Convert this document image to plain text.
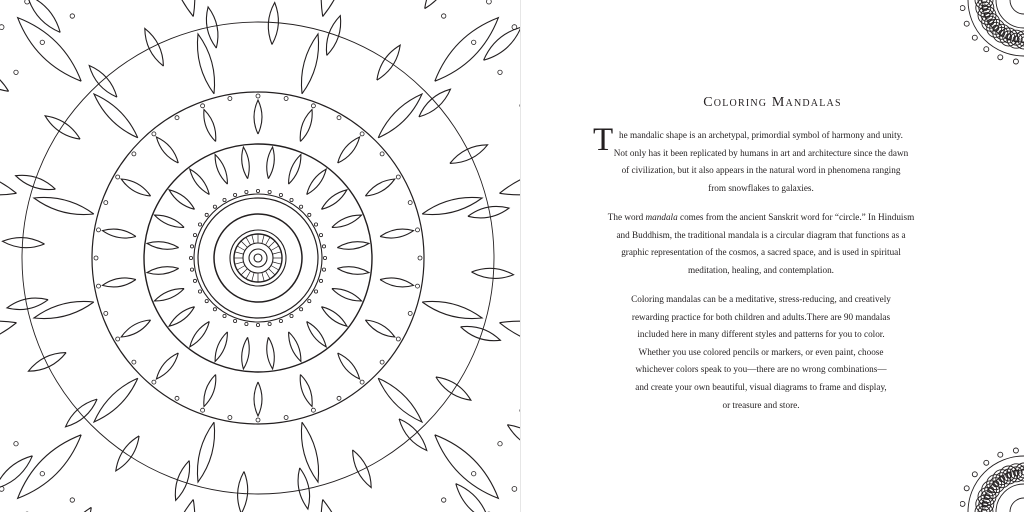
Coloring Mandalas
T he mandalic shape is an archetypal, primordial symbol of harmony and unity.

Not only has it been replicated by humans in art and architecture since the dawn

of civilization, but it also appears in the natural word in phenomena ranging

from snowflakes to galaxies.

The word mandala comes from the ancient Sanskrit word for “circle.” In Hinduism

and Buddhism, the traditional mandala is a circular diagram that functions as a

graphic representation of the cosmos, a sacred space, and is used in spiritual

meditation, healing, and contemplation.

Coloring mandalas can be a meditative, stress-reducing, and creatively

rewarding practice for both children and adults.There are 90 mandalas

included here in many different styles and patterns for you to color.

Whether you use colored pencils or markers, or even paint, choose

whichever colors speak to you—there are no wrong combinations—

and create your own beautiful, visual diagrams to frame and display,

or treasure and store.
